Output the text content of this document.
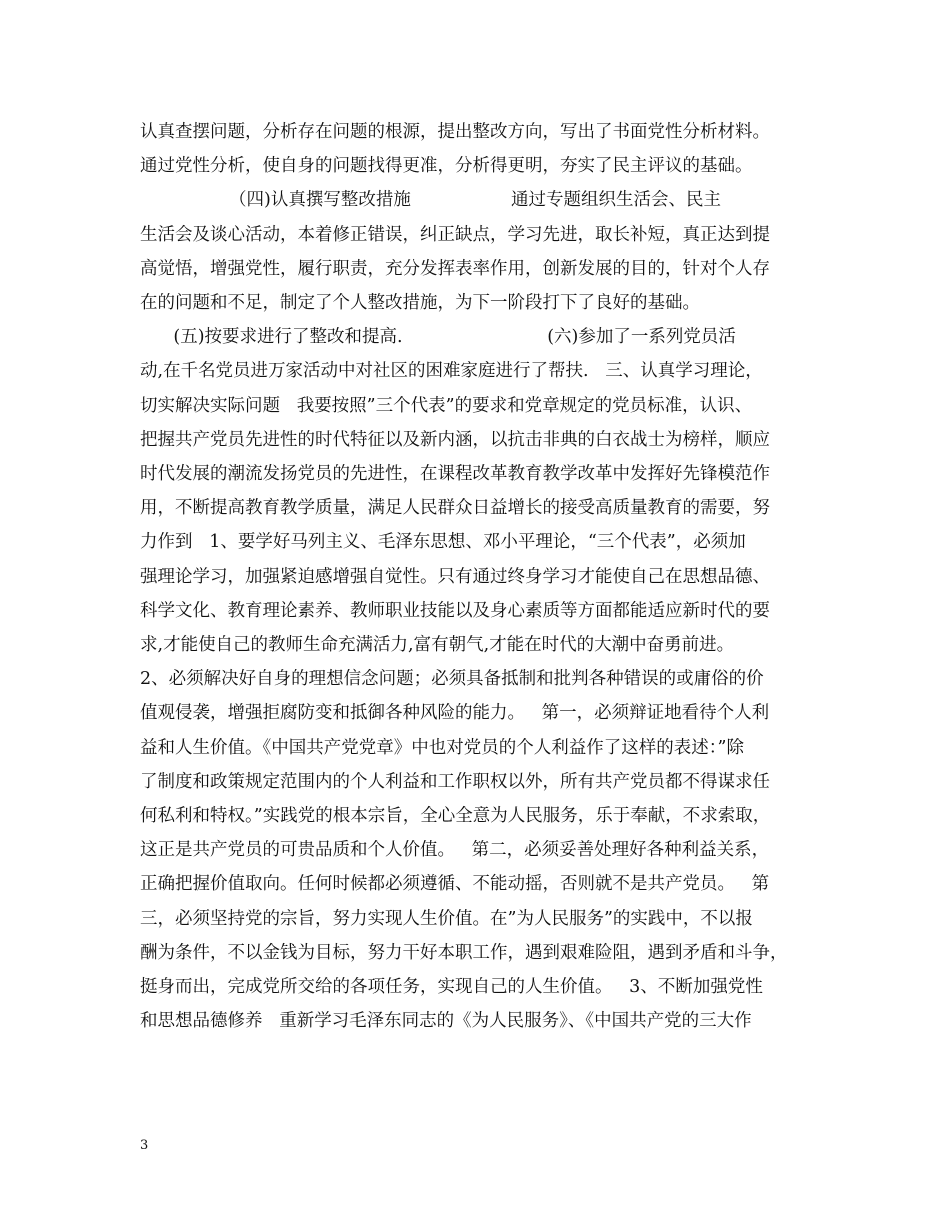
认真查摆问题，分析存在问题的根源，提出整改方向，写出了书面党性分析材料。
通过党性分析，使自身的问题找得更准，分析得更明，夯实了民主评议的基础。
（四)认真撰写整改措施                  通过专题组织生活会、民主
生活会及谈心活动，本着修正错误，纠正缺点，学习先进，取长补短，真正达到提
高觉悟，增强党性，履行职责，充分发挥表率作用，创新发展的目的，针对个人存
在的问题和不足，制定了个人整改措施，为下一阶段打下了良好的基础。
(五)按要求进行了整改和提高.                          (六)参加了一系列党员活
动,在千名党员进万家活动中对社区的困难家庭进行了帮扶.   三、认真学习理论，
切实解决实际问题   我要按照”三个代表”的要求和党章规定的党员标准，认识、
把握共产党员先进性的时代特征以及新内涵，以抗击非典的白衣战士为榜样，顺应
时代发展的潮流发扬党员的先进性，在课程改革教育教学改革中发挥好先锋模范作
用，不断提高教育教学质量，满足人民群众日益增长的接受高质量教育的需要，努
力作到   1、要学好马列主义、毛泽东思想、邓小平理论，“三个代表”，必须加
强理论学习，加强紧迫感增强自觉性。只有通过终身学习才能使自己在思想品德、
科学文化、教育理论素养、教师职业技能以及身心素质等方面都能适应新时代的要
求,才能使自己的教师生命充满活力,富有朝气,才能在时代的大潮中奋勇前进。
2、必须解决好自身的理想信念问题；必须具备抵制和批判各种错误的或庸俗的价
值观侵袭，增强拒腐防变和抵御各种风险的能力。   第一，必须辩证地看待个人利
益和人生价值。《中国共产党党章》中也对党员的个人利益作了这样的表述：”除
了制度和政策规定范围内的个人利益和工作职权以外，所有共产党员都不得谋求任
何私利和特权。”实践党的根本宗旨，全心全意为人民服务，乐于奉献，不求索取，
这正是共产党员的可贵品质和个人价值。   第二，必须妥善处理好各种利益关系，
正确把握价值取向。任何时候都必须遵循、不能动摇，否则就不是共产党员。   第
三，必须坚持党的宗旨，努力实现人生价值。在”为人民服务”的实践中，不以报
酬为条件，不以金钱为目标，努力干好本职工作，遇到艰难险阻，遇到矛盾和斗争，
挺身而出，完成党所交给的各项任务，实现自己的人生价值。   3、不断加强党性
和思想品德修养   重新学习毛泽东同志的《为人民服务》、《中国共产党的三大作
3
